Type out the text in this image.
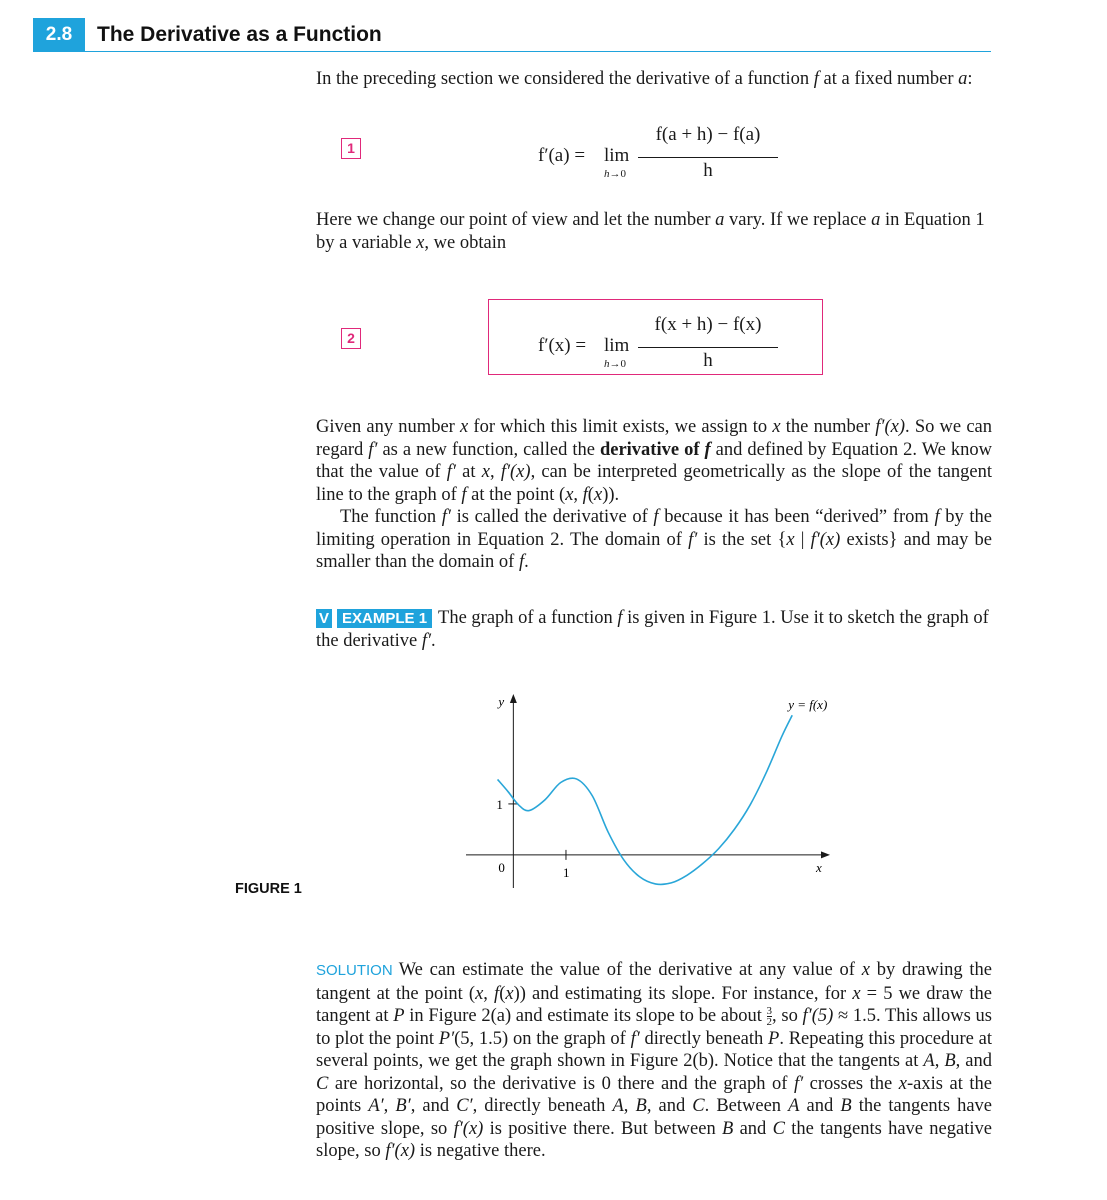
2.8	The Derivative as a Function

In the preceding section we considered the derivative of a function f at a fixed number a:

1	f′(a) = lim
h→0
f(a + h) − f(a)
h

Here we change our point of view and let the number a vary. If we replace a in Equation 1 by a variable x, we obtain

2	f′(x) = lim
h→0
f(x + h) − f(x)
h

Given any number x for which this limit exists, we assign to x the number f′(x). So we can regard f′ as a new function, called the derivative of f and defined by Equation 2. We know that the value of f′ at x, f′(x), can be interpreted geometrically as the slope of the tangent line to the graph of f at the point (x, f(x)).

The function f′ is called the derivative of f because it has been “derived” from f by the limiting operation in Equation 2. The domain of f′ is the set {x | f′(x) exists} and may be smaller than the domain of f.

V EXAMPLE 1 The graph of a function f is given in Figure 1. Use it to sketch the graph of the derivative f′.

y
x
0	1
1
y = f(x)
FIGURE 1

SOLUTION We can estimate the value of the derivative at any value of x by drawing the tangent at the point (x, f(x)) and estimating its slope. For instance, for x = 5 we draw the tangent at P in Figure 2(a) and estimate its slope to be about $\frac{3}{2}$ , so f′(5) ≈ 1.5. This allows us to plot the point P′(5, 1.5) on the graph of f′ directly beneath P. Repeating this procedure at several points, we get the graph shown in Figure 2(b). Notice that the tangents at A, B, and C are horizontal, so the derivative is 0 there and the graph of f′ crosses the x-axis at the points A′, B′, and C′, directly beneath A, B, and C. Between A and B the tangents have positive slope, so f′(x) is positive there. But between B and C the tangents have negative slope, so f′(x) is negative there.
